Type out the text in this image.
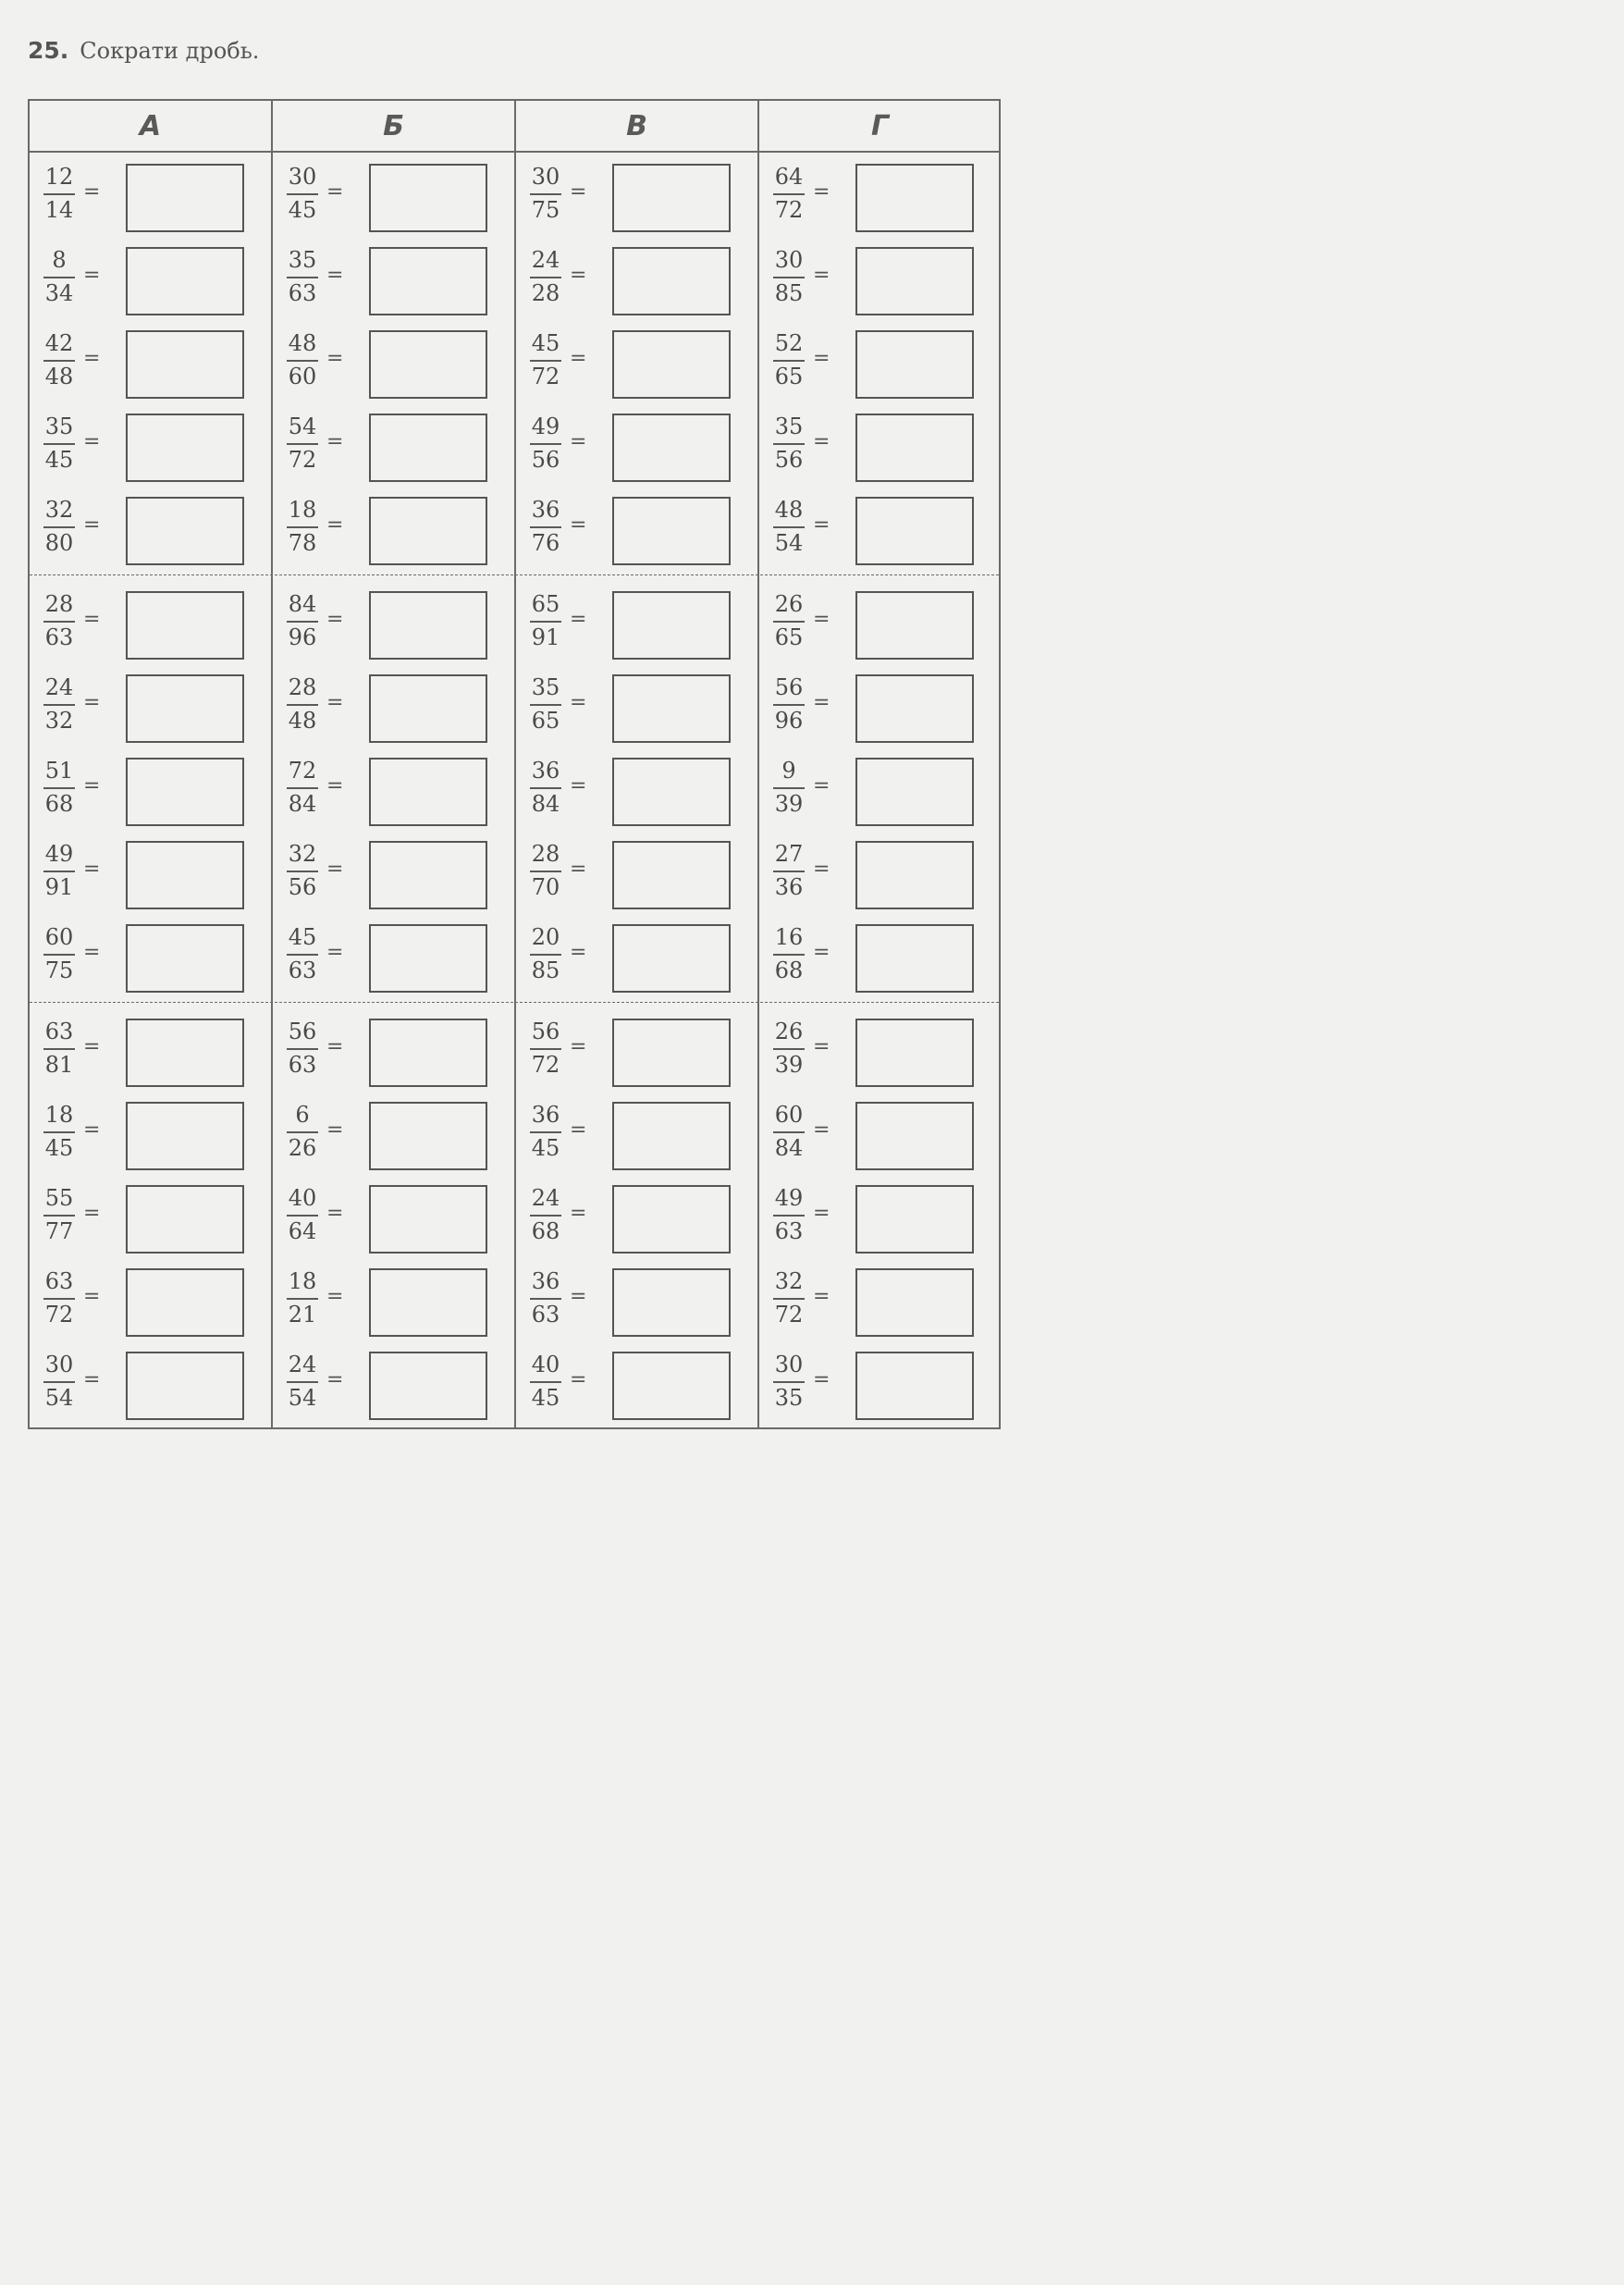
25. Сократи дробь.
А
12
14
=
8
34
=
42
48
=
35
45
=
32
80
=
28
63
=
24
32
=
51
68
=
49
91
=
60
75
=
63
81
=
18
45
=
55
77
=
63
72
=
30
54
=
Б
30
45
=
35
63
=
48
60
=
54
72
=
18
78
=
84
96
=
28
48
=
72
84
=
32
56
=
45
63
=
56
63
=
6
26
=
40
64
=
18
21
=
24
54
=
В
30
75
=
24
28
=
45
72
=
49
56
=
36
76
=
65
91
=
35
65
=
36
84
=
28
70
=
20
85
=
56
72
=
36
45
=
24
68
=
36
63
=
40
45
=
Г
64
72
=
30
85
=
52
65
=
35
56
=
48
54
=
26
65
=
56
96
=
9
39
=
27
36
=
16
68
=
26
39
=
60
84
=
49
63
=
32
72
=
30
35
=
